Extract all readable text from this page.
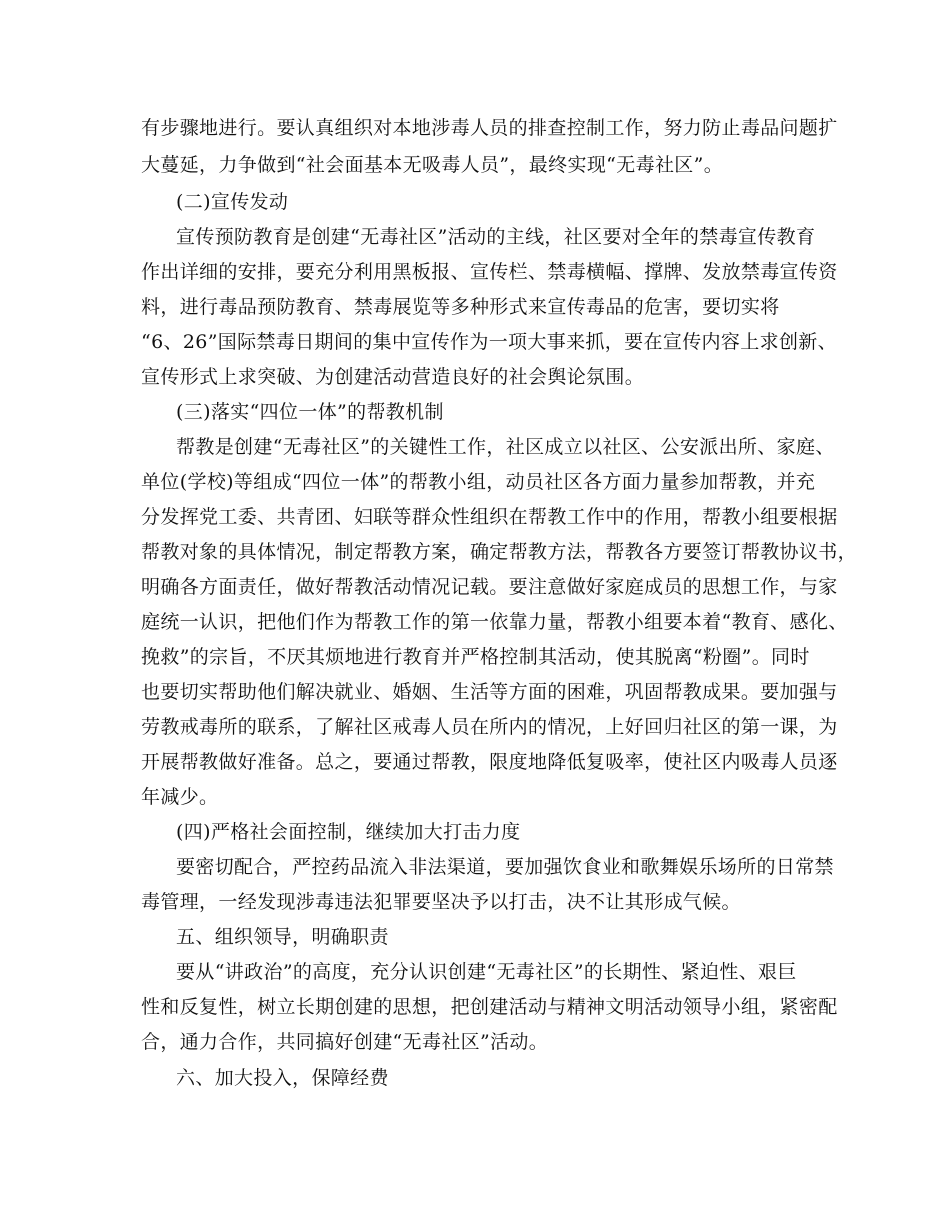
有步骤地进行。要认真组织对本地涉毒人员的排查控制工作，努力防止毒品问题扩
大蔓延，力争做到“社会面基本无吸毒人员”，最终实现“无毒社区”。
(二)宣传发动
宣传预防教育是创建“无毒社区”活动的主线，社区要对全年的禁毒宣传教育
作出详细的安排，要充分利用黑板报、宣传栏、禁毒横幅、撑牌、发放禁毒宣传资
料，进行毒品预防教育、禁毒展览等多种形式来宣传毒品的危害，要切实将
“6、26”国际禁毒日期间的集中宣传作为一项大事来抓，要在宣传内容上求创新、
宣传形式上求突破、为创建活动营造良好的社会舆论氛围。
(三)落实“四位一体”的帮教机制
帮教是创建“无毒社区”的关键性工作，社区成立以社区、公安派出所、家庭、
单位(学校)等组成“四位一体”的帮教小组，动员社区各方面力量参加帮教，并充
分发挥党工委、共青团、妇联等群众性组织在帮教工作中的作用，帮教小组要根据
帮教对象的具体情况，制定帮教方案，确定帮教方法，帮教各方要签订帮教协议书，
明确各方面责任，做好帮教活动情况记载。要注意做好家庭成员的思想工作，与家
庭统一认识，把他们作为帮教工作的第一依靠力量，帮教小组要本着“教育、感化、
挽救”的宗旨，不厌其烦地进行教育并严格控制其活动，使其脱离“粉圈”。同时
也要切实帮助他们解决就业、婚姻、生活等方面的困难，巩固帮教成果。要加强与
劳教戒毒所的联系，了解社区戒毒人员在所内的情况，上好回归社区的第一课，为
开展帮教做好准备。总之，要通过帮教，限度地降低复吸率，使社区内吸毒人员逐
年减少。
(四)严格社会面控制，继续加大打击力度
要密切配合，严控药品流入非法渠道，要加强饮食业和歌舞娱乐场所的日常禁
毒管理，一经发现涉毒违法犯罪要坚决予以打击，决不让其形成气候。
五、组织领导，明确职责
要从“讲政治”的高度，充分认识创建“无毒社区”的长期性、紧迫性、艰巨
性和反复性，树立长期创建的思想，把创建活动与精神文明活动领导小组，紧密配
合，通力合作，共同搞好创建“无毒社区”活动。
六、加大投入，保障经费
